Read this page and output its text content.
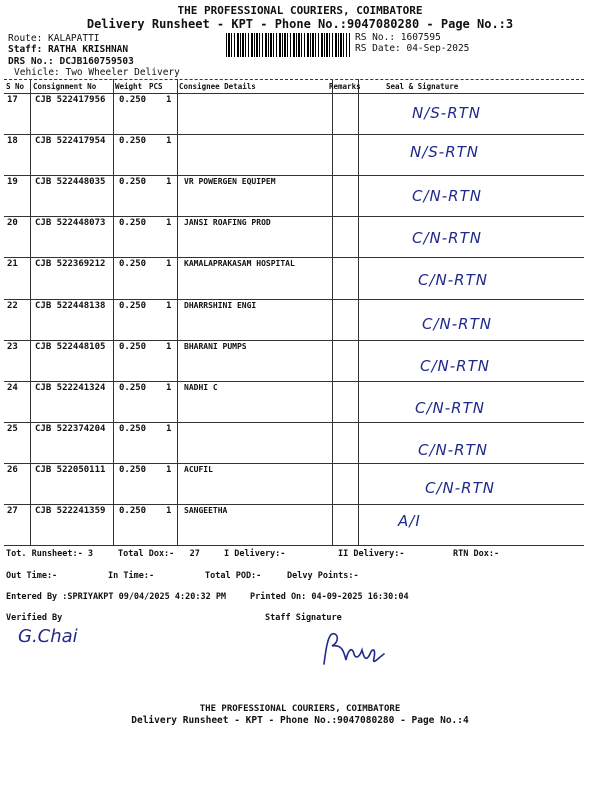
THE PROFESSIONAL COURIERS, COIMBATORE
Delivery Runsheet - KPT - Phone No.:9047080280 - Page No.:3
Route: KALAPATTI
Staff: RATHA KRISHNAN
DRS No.: DCJB160759503
Vehicle: Two Wheeler Delivery
RS No.: 1607595
RS Date: 04-Sep-2025
S No Consignment No	Weight PCS Consignee Details	Remarks	Seal & Signature
17 CJB 522417956 0.250 1
N/S-RTN
18 CJB 522417954 0.250 1
N/S-RTN
19 CJB 522448035 0.250 1 VR POWERGEN EQUIPEM
C/N-RTN
20 CJB 522448073 0.250 1 JANSI ROAFING PROD
C/N-RTN
21 CJB 522369212 0.250 1 KAMALAPRAKASAM HOSPITAL
C/N-RTN
22 CJB 522448138 0.250 1 DHARRSHINI ENGI
C/N-RTN
23 CJB 522448105 0.250 1 BHARANI PUMPS
C/N-RTN
24 CJB 522241324 0.250 1 NADHI C
C/N-RTN
25 CJB 522374204 0.250 1
C/N-RTN
26 CJB 522050111 0.250 1 ACUFIL
C/N-RTN
27 CJB 522241359 0.250 1 SANGEETHA
A/I
Tot. Runsheet:- 3	Total Dox:-   27	I Delivery:-	II Delivery:-	RTN Dox:-
Out Time:-	In Time:-	Total POD:-	Delvy Points:-
Entered By :SPRIYAKPT 09/04/2025 4:20:32 PM	Printed On: 04-09-2025 16:30:04
Verified By	Staff Signature
G.Chai
THE PROFESSIONAL COURIERS, COIMBATORE
Delivery Runsheet - KPT - Phone No.:9047080280 - Page No.:4
